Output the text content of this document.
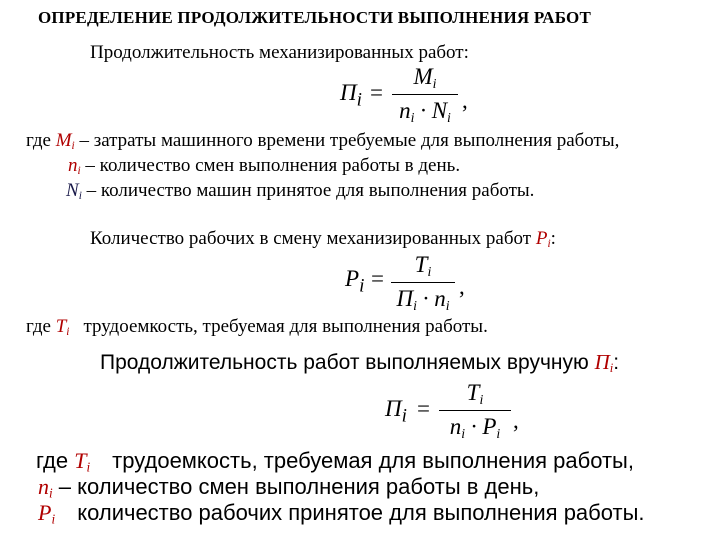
ОПРЕДЕЛЕНИЕ ПРОДОЛЖИТЕЛЬНОСТИ ВЫПОЛНЕНИЯ РАБОТ
Продолжительность механизированных работ:
$П_i$ =
$M_i$
$n_i \cdot N_i$
,
где $M_i$ – затраты машинного времени требуемые для выполнения работы,
$n_i$ – количество смен выполнения работы в день.
$N_i$ – количество машин принятое для выполнения работы.
Количество рабочих в смену механизированных работ $P_i$:
$P_i$ =
$T_i$
$П_i \cdot n_i$
,
где $T_i$ трудоемкость, требуемая для выполнения работы.
Продолжительность работ выполняемых вручную $П_i$:
$П_i$ =
$T_i$
$n_i \cdot P_i$
,
где $T_i$ трудоемкость, требуемая для выполнения работы,
$n_i$ – количество смен выполнения работы в день,
$P_i$ количество рабочих принятое для выполнения работы.
